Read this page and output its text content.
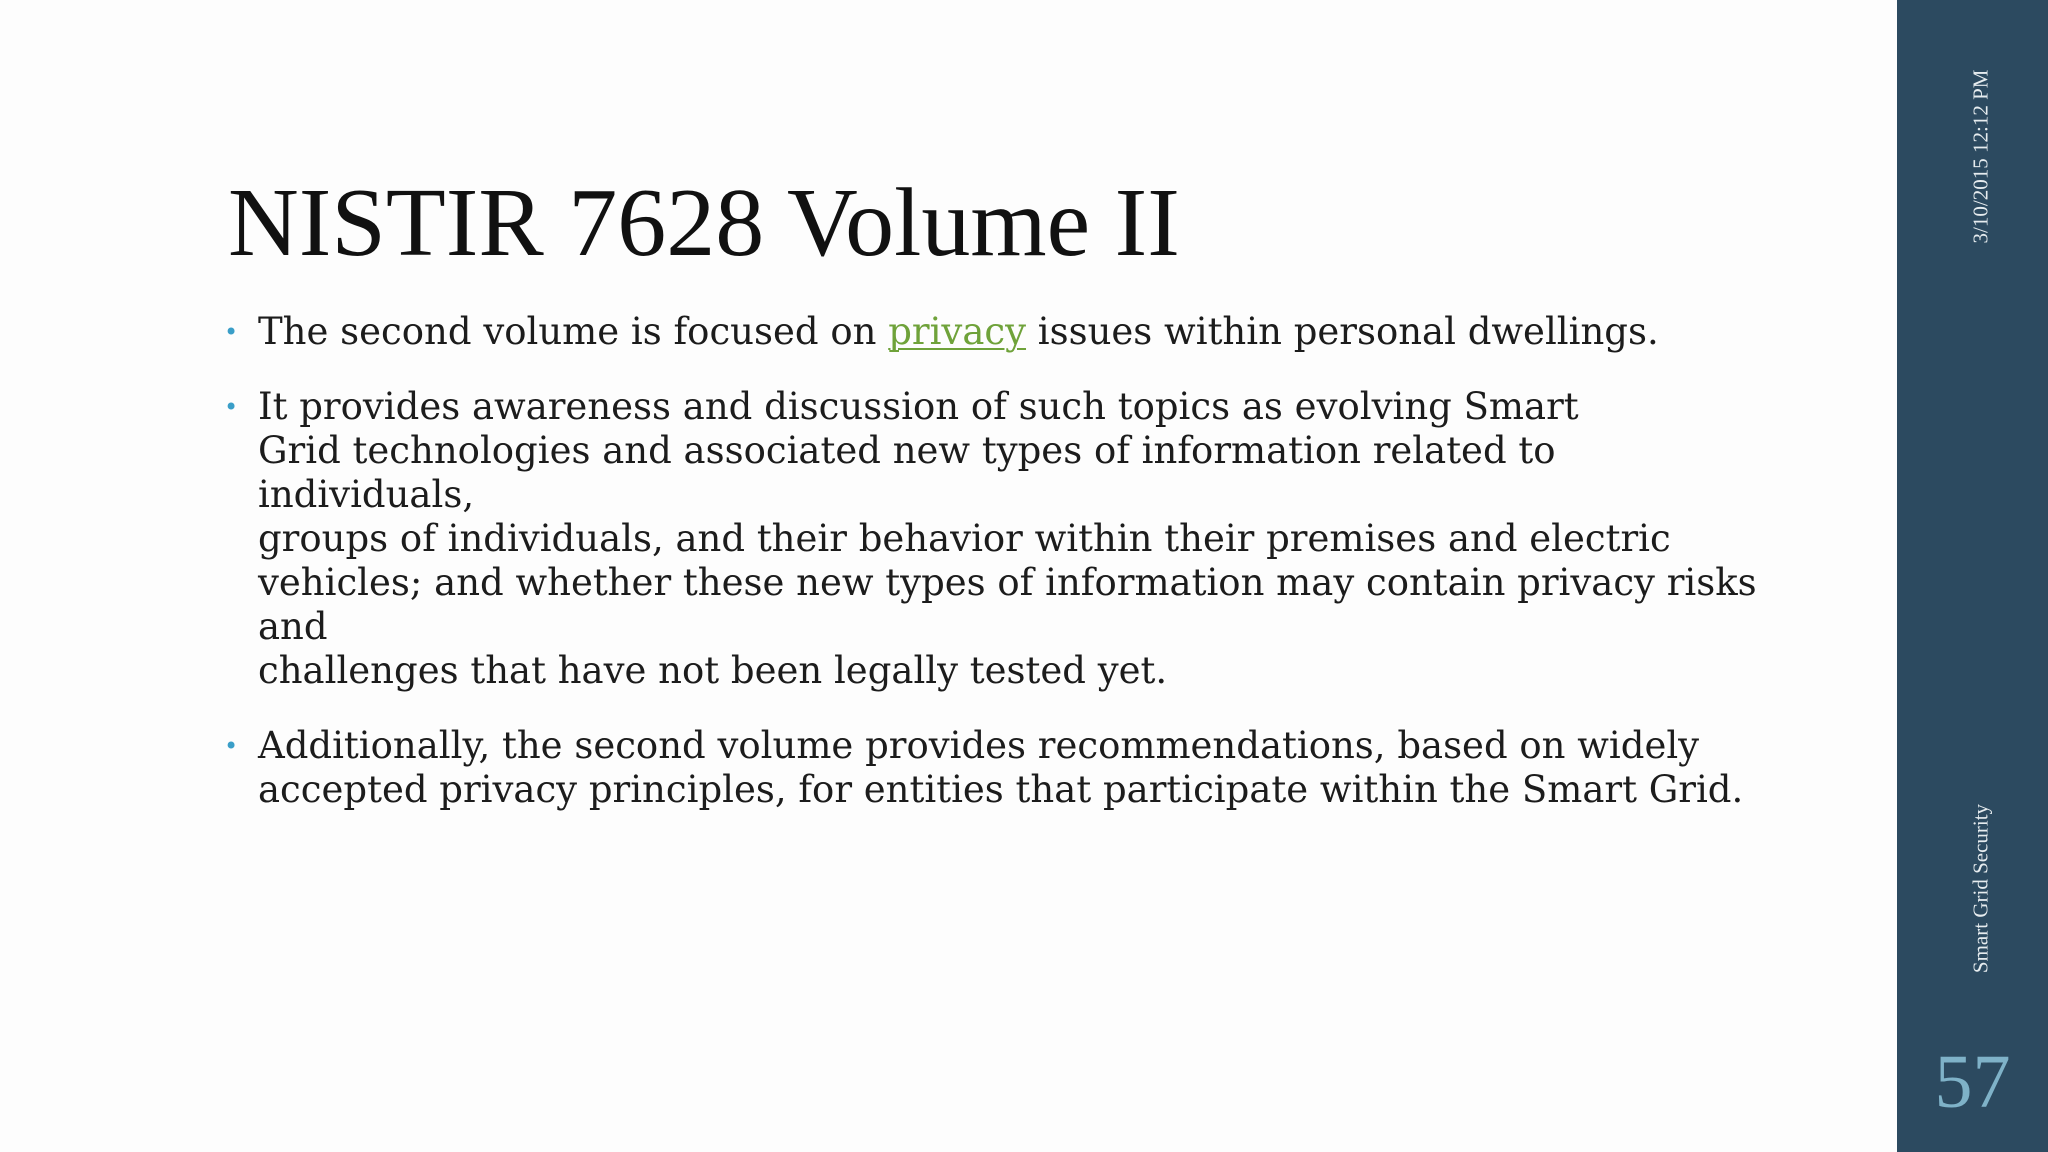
NISTIR 7628 Volume II
• The second volume is focused on privacy issues within personal dwellings.
• It provides awareness and discussion of such topics as evolving Smart
Grid technologies and associated new types of information related to individuals,
groups of individuals, and their behavior within their premises and electric
vehicles; and whether these new types of information may contain privacy risks and
challenges that have not been legally tested yet.
• Additionally, the second volume provides recommendations, based on widely
accepted privacy principles, for entities that participate within the Smart Grid.
3/10/2015 12:12 PM
Smart Grid Security
57
